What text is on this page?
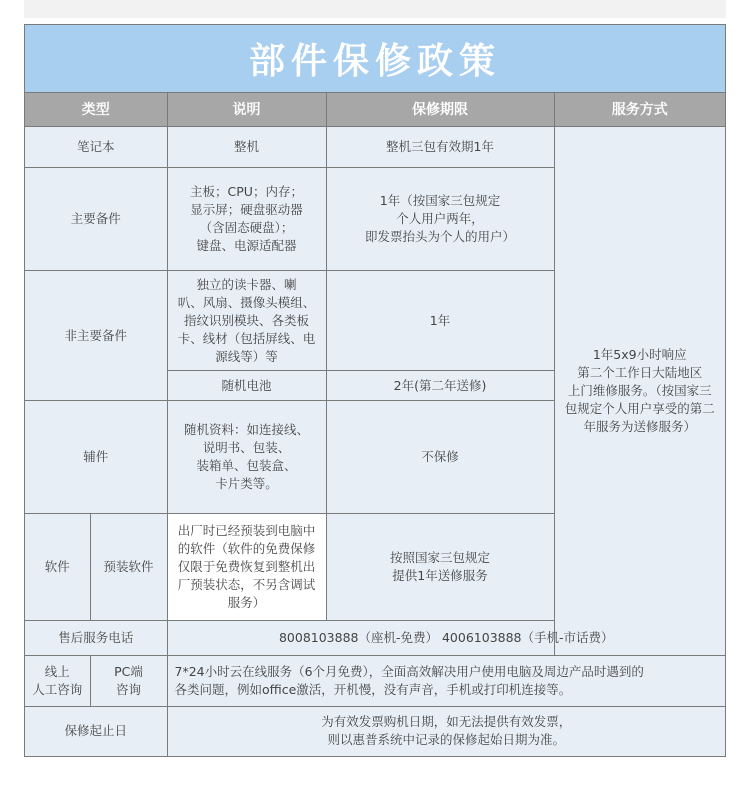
部件保修政策
类型		说明	保修期限	服务方式
笔记本		整机	整机三包有效期1年	1年5x9小时响应
第二个工作日大陆地区
上门维修服务。（按国家三
包规定个人用户享受的第二
年服务为送修服务）

主要备件		主板；CPU；内存；
显示屏；硬盘驱动器
（含固态硬盘）；
键盘、电源适配器	1年（按国家三包规定
个人用户两年，
即发票抬头为个人的用户）	

非主要备件		独立的读卡器、喇
叭、风扇、摄像头模组、
指纹识别模块、各类板
卡、线材（包括屏线、电
源线等）等	1年	
		随机电池	2年(第二年送修)	
辅件		随机资料：如连接线、
说明书、包装、
装箱单、包装盒、
卡片类等。	不保修	
软件	预装软件	出厂时已经预装到电脑中
的软件（软件的免费保修
仅限于免费恢复到整机出
厂预装状态，不另含调试
服务）	按照国家三包规定
提供1年送修服务	

售后服务电话		8008103888（座机-免费） 4006103888（手机-市话费）		

线上
人工咨询	PC端
咨询	7*24小时云在线服务（6个月免费），全面高效解决用户使用电脑及周边产品时遇到的
各类问题，例如office激活，开机慢，没有声音，手机或打印机连接等。		

保修起止日		为有效发票购机日期，如无法提供有效发票，
则以惠普系统中记录的保修起始日期为准。		
